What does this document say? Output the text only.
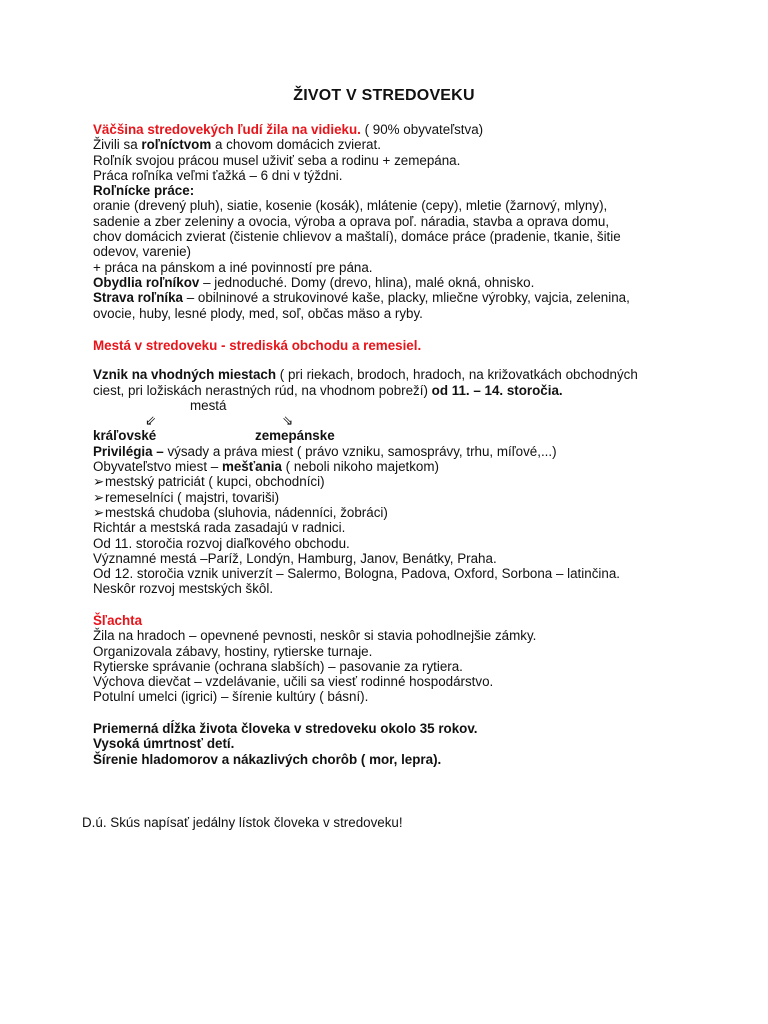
ŽIVOT V STREDOVEKU
Väčšina stredovekých ľudí žila na vidieku. ( 90% obyvateľstva)
Živili sa roľníctvom a chovom domácich zvierat.
Roľník svojou prácou musel uživiť seba a rodinu + zemepána.
Práca roľníka veľmi ťažká – 6 dni v týždni.
Roľnícke práce:
oranie (drevený pluh), siatie, kosenie (kosák), mlátenie (cepy), mletie (žarnový, mlyny),
sadenie a zber zeleniny a ovocia, výroba a oprava poľ. náradia, stavba a oprava domu,
chov domácich zvierat (čistenie chlievov a maštalí), domáce práce (pradenie, tkanie, šitie
odevov, varenie)
+ práca na pánskom a iné povinností pre pána.
Obydlia roľníkov – jednoduché. Domy (drevo, hlina), malé okná, ohnisko.
Strava roľníka – obilninové a strukovinové kaše, placky, mliečne výrobky, vajcia, zelenina,
ovocie, huby, lesné plody, med, soľ, občas mäso a ryby.
Mestá v stredoveku - strediská obchodu a remesiel.
Vznik na vhodných miestach ( pri riekach, brodoch, hradoch, na križovatkách obchodných
ciest, pri ložiskách nerastných rúd, na vhodnom pobreží) od 11. – 14. storočia.
mestá
⇙	⇘
kráľovské	zemepánske
Privilégia – výsady a práva miest ( právo vzniku, samosprávy, trhu, míľové,...)
Obyvateľstvo miest – mešťania ( neboli nikoho majetkom)
➢mestský patriciát ( kupci, obchodníci)
➢remeselníci ( majstri, tovariši)
➢mestská chudoba (sluhovia, nádenníci, žobráci)
Richtár a mestská rada zasadajú v radnici.
Od 11. storočia rozvoj diaľkového obchodu.
Významné mestá –Paríž, Londýn, Hamburg, Janov, Benátky, Praha.
Od 12. storočia vznik univerzít – Salermo, Bologna, Padova, Oxford, Sorbona – latinčina.
Neskôr rozvoj mestských škôl.
Šľachta
Žila na hradoch – opevnené pevnosti, neskôr si stavia pohodlnejšie zámky.
Organizovala zábavy, hostiny, rytierske turnaje.
Rytierske správanie (ochrana slabších) – pasovanie za rytiera.
Výchova dievčat – vzdelávanie, učili sa viesť rodinné hospodárstvo.
Potulní umelci (igrici) – šírenie kultúry ( básní).
Priemerná dĺžka života človeka v stredoveku okolo 35 rokov.
Vysoká úmrtnosť detí.
Šírenie hladomorov a nákazlivých chorôb ( mor, lepra).
D.ú. Skús napísať jedálny lístok človeka v stredoveku!
